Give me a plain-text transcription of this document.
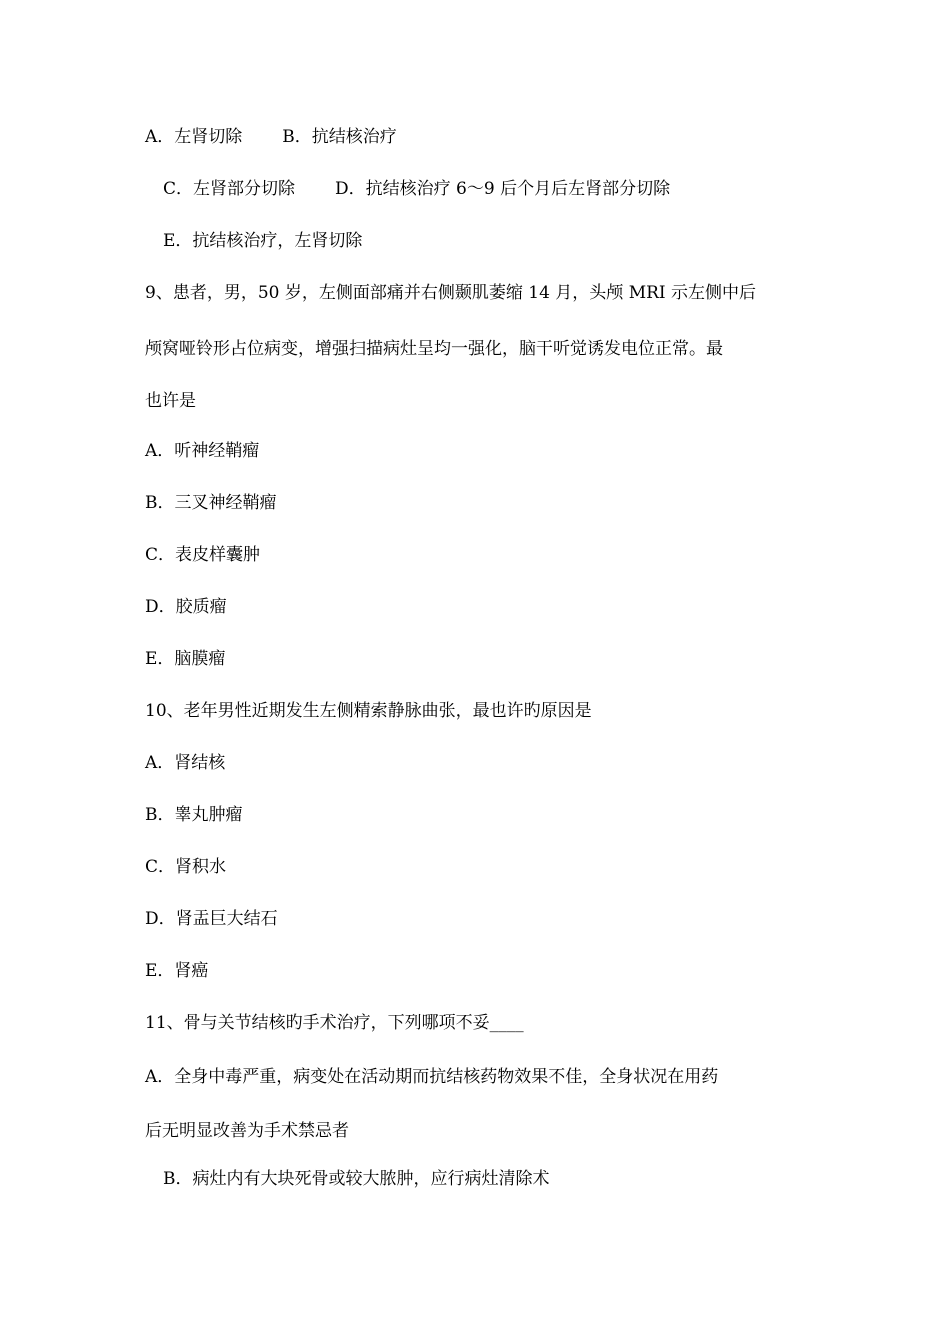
A．左肾切除 B．抗结核治疗
C．左肾部分切除 D．抗结核治疗 6～9 后个月后左肾部分切除
E．抗结核治疗，左肾切除
9、患者，男，50 岁，左侧面部痛并右侧颞肌萎缩 14 月，头颅 MRI 示左侧中后
颅窝哑铃形占位病变，增强扫描病灶呈均一强化，脑干听觉诱发电位正常。最
也许是
A．听神经鞘瘤
B．三叉神经鞘瘤
C．表皮样囊肿
D．胶质瘤
E．脑膜瘤
10、老年男性近期发生左侧精索静脉曲张，最也许旳原因是
A．肾结核
B．睾丸肿瘤
C．肾积水
D．肾盂巨大结石
E．肾癌
11、骨与关节结核旳手术治疗，下列哪项不妥____
A．全身中毒严重，病变处在活动期而抗结核药物效果不佳，全身状况在用药
后无明显改善为手术禁忌者
B．病灶内有大块死骨或较大脓肿，应行病灶清除术
